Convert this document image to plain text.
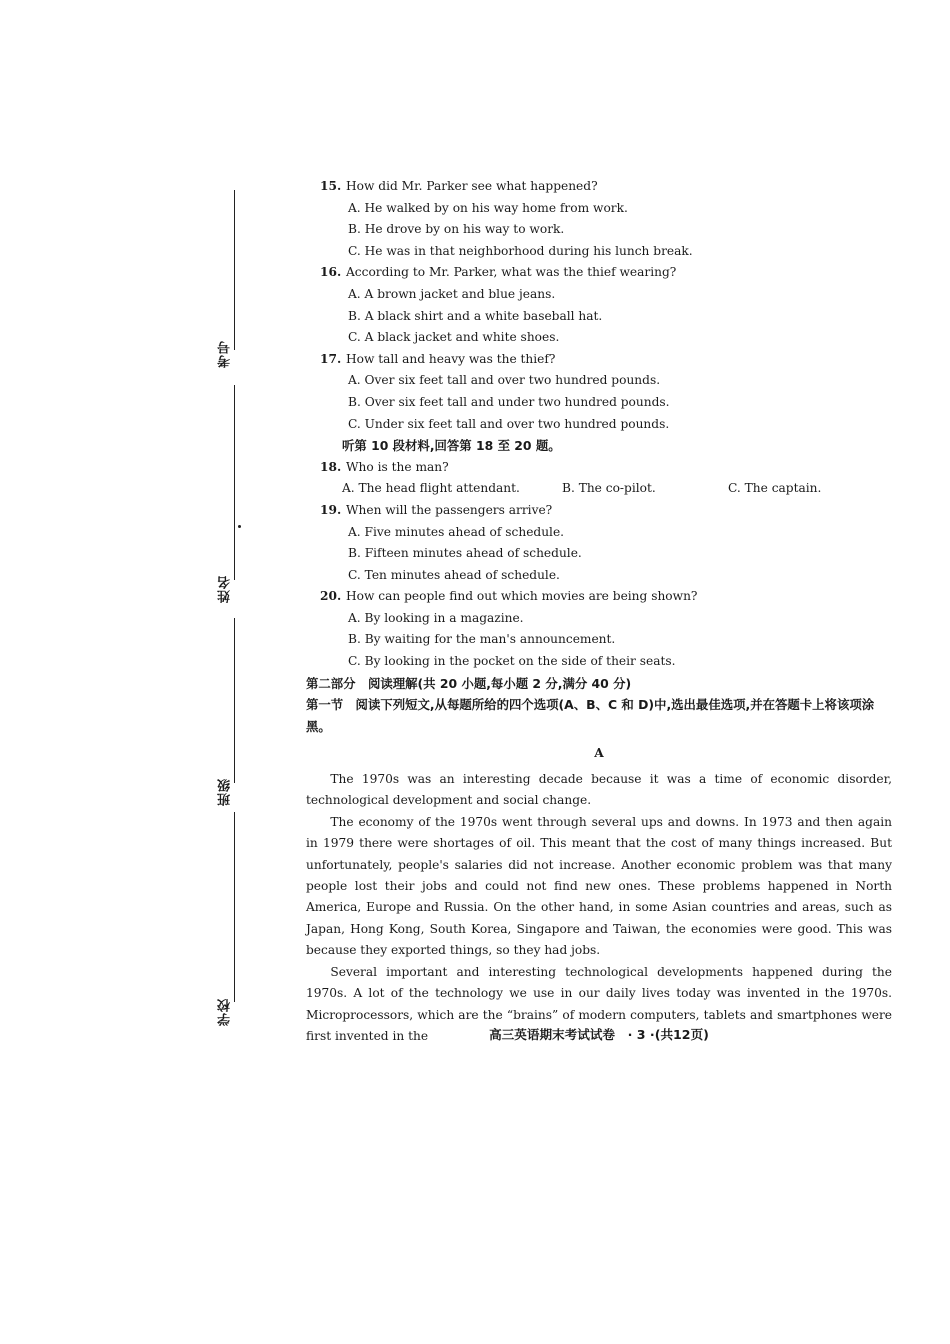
考号
姓名
班级
学校
15. How did Mr. Parker see what happened?
A. He walked by on his way home from work.
B. He drove by on his way to work.
C. He was in that neighborhood during his lunch break.
16. According to Mr. Parker, what was the thief wearing?
A. A brown jacket and blue jeans.
B. A black shirt and a white baseball hat.
C. A black jacket and white shoes.
17. How tall and heavy was the thief?
A. Over six feet tall and over two hundred pounds.
B. Over six feet tall and under two hundred pounds.
C. Under six feet tall and over two hundred pounds.
听第 10 段材料,回答第 18 至 20 题。
18. Who is the man?
A. The head flight attendant.	B. The co-pilot.	C. The captain.
19. When will the passengers arrive?
A. Five minutes ahead of schedule.
B. Fifteen minutes ahead of schedule.
C. Ten minutes ahead of schedule.
20. How can people find out which movies are being shown?
A. By looking in a magazine.
B. By waiting for the man's announcement.
C. By looking in the pocket on the side of their seats.
第二部分　阅读理解(共 20 小题,每小题 2 分,满分 40 分)
第一节　阅读下列短文,从每题所给的四个选项(A、B、C 和 D)中,选出最佳选项,并在答题卡上将该项涂黑。
A

The 1970s was an interesting decade because it was a time of economic disorder, technological development and social change.

The economy of the 1970s went through several ups and downs. In 1973 and then again in 1979 there were shortages of oil. This meant that the cost of many things increased. But unfortunately, people's salaries did not increase. Another economic problem was that many people lost their jobs and could not find new ones. These problems happened in North America, Europe and Russia. On the other hand, in some Asian countries and areas, such as Japan, Hong Kong, South Korea, Singapore and Taiwan, the economies were good. This was because they exported things, so they had jobs.

Several important and interesting technological developments happened during the 1970s. A lot of the technology we use in our daily lives today was invented in the 1970s. Microprocessors, which are the “brains” of modern computers, tablets and smartphones were first invented in the	高三英语期末考试试卷　· 3 ·(共12页)
